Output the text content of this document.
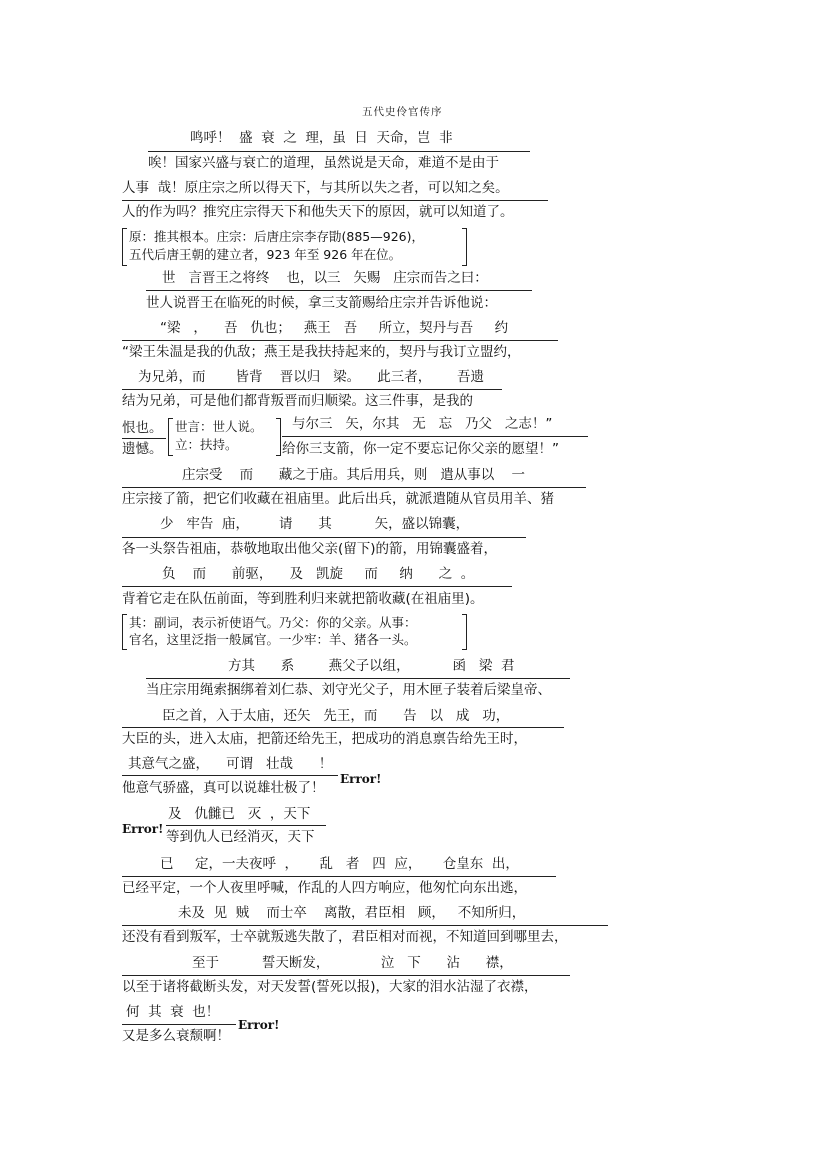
五代史伶官传序
鸣呼！  盛  衰  之  理，虽  日  天命，岂  非
唉！国家兴盛与衰亡的道理，虽然说是天命，难道不是由于
人事  哉！原庄宗之所以得天下，与其所以失之者，可以知之矣。
人的作为吗？推究庄宗得天下和他失天下的原因，就可以知道了。
原：推其根本。庄宗：后唐庄宗李存勖(885—926)，
五代后唐王朝的建立者，923 年至 926 年在位。
世   言晋王之将终    也，以三   矢赐   庄宗而告之曰：
世人说晋王在临死的时候，拿三支箭赐给庄宗并告诉他说：
“梁   ，    吾   仇也；   燕王   吾     所立，契丹与吾     约
“梁王朱温是我的仇敌；燕王是我扶持起来的，契丹与我订立盟约，
为兄弟，而       皆背    晋以归   梁。    此三者，      吾遗
结为兄弟，可是他们都背叛晋而归顺梁。这三件事，是我的
恨也。
遗憾。
世言：世人说。
立：扶持。
与尔三   矢，尔其   无   忘   乃父   之志！”
给你三支箭，你一定不要忘记你父亲的愿望！”
庄宗受    而      藏之于庙。其后用兵，则   遣从事以    一
庄宗接了箭，把它们收藏在祖庙里。此后出兵，就派遣随从官员用羊、猪
少   牢告  庙，       请      其          矢，盛以锦囊，
各一头祭告祖庙，恭敬地取出他父亲(留下)的箭，用锦囊盛着，
负    而      前驱，    及   凯旋     而     纳      之  。
背着它走在队伍前面，等到胜利归来就把箭收藏(在祖庙里)。
其：副词，表示祈使语气。乃父：你的父亲。从事：
官名，这里泛指一般属官。一少牢：羊、猪各一头。
方其      系        燕父子以组，          函   梁  君
当庄宗用绳索捆绑着刘仁恭、刘守光父子，用木匣子装着后梁皇帝、
臣之首，入于太庙，还矢   先王，而      告   以   成   功，
大臣的头，进入太庙，把箭还给先王，把成功的消息禀告给先王时，
其意气之盛，    可谓   壮哉      ！
他意气骄盛，真可以说雄壮极了！
Error!
及   仇雠已   灭  ，天下
Error! 等到仇人已经消灭，天下
已     定，一夫夜呼  ，     乱   者   四  应，     仓皇东  出，
已经平定，一个人夜里呼喊，作乱的人四方响应，他匆忙向东出逃，
未及  见  贼    而士卒    离散，君臣相   顾，   不知所归，
还没有看到叛军，士卒就叛逃失散了，君臣相对而视，不知道回到哪里去，
至于          誓天断发，            泣   下      沾      襟，
以至于诸将截断头发，对天发誓(誓死以报)，大家的泪水沾湿了衣襟，
何  其  衰  也！
又是多么衰颓啊！
Error!
